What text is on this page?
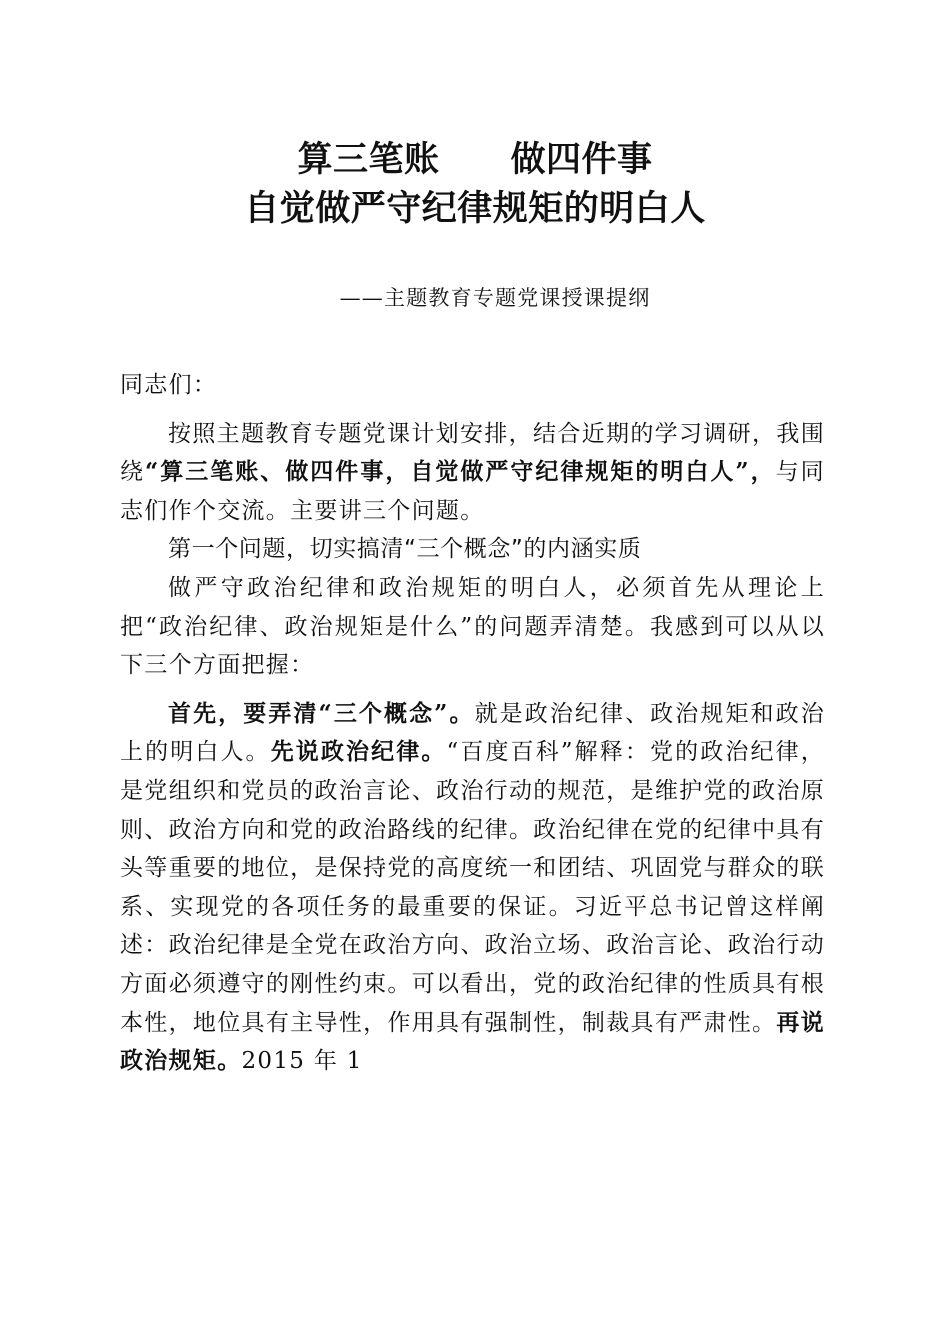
算三笔账　　做四件事
自觉做严守纪律规矩的明白人
——主题教育专题党课授课提纲

同志们：

按照主题教育专题党课计划安排，结合近期的学习调研，我围绕“算三笔账、做四件事，自觉做严守纪律规矩的明白人”，与同志们作个交流。主要讲三个问题。

第一个问题，切实搞清“三个概念”的内涵实质

做严守政治纪律和政治规矩的明白人，必须首先从理论上把“政治纪律、政治规矩是什么”的问题弄清楚。我感到可以从以下三个方面把握：

首先，要弄清“三个概念”。就是政治纪律、政治规矩和政治上的明白人。先说政治纪律。“百度百科”解释：党的政治纪律，是党组织和党员的政治言论、政治行动的规范，是维护党的政治原则、政治方向和党的政治路线的纪律。政治纪律在党的纪律中具有头等重要的地位，是保持党的高度统一和团结、巩固党与群众的联系、实现党的各项任务的最重要的保证。习近平总书记曾这样阐述：政治纪律是全党在政治方向、政治立场、政治言论、政治行动方面必须遵守的刚性约束。可以看出，党的政治纪律的性质具有根本性，地位具有主导性，作用具有强制性，制裁具有严肃性。再说政治规矩。2015 年 1
